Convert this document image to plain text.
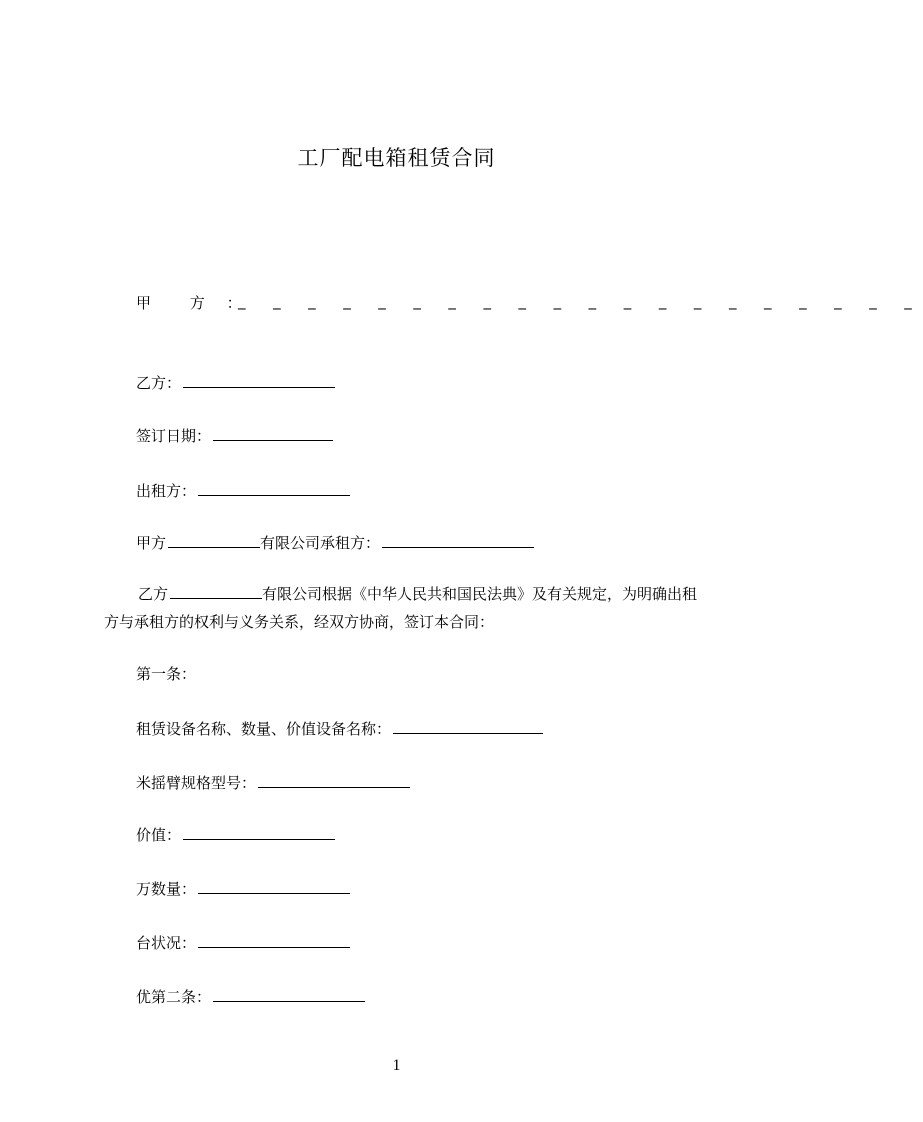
工厂配电箱租赁合同
甲 方 ：
_ _ _ _ _ _ _ _ _ _ _ _ _ _ _ _ _ _ _ _
乙方：
签订日期：
出租方：
甲方	有限公司承租方：
乙方	有限公司根据《中华人民共和国民法典》及有关规定，为明确出租方与承租方的权利与义务关系，经双方协商，签订本合同：
第一条：
租赁设备名称、数量、价值设备名称：
米摇臂规格型号：
价值：
万数量：
台状况：
优第二条：
1
